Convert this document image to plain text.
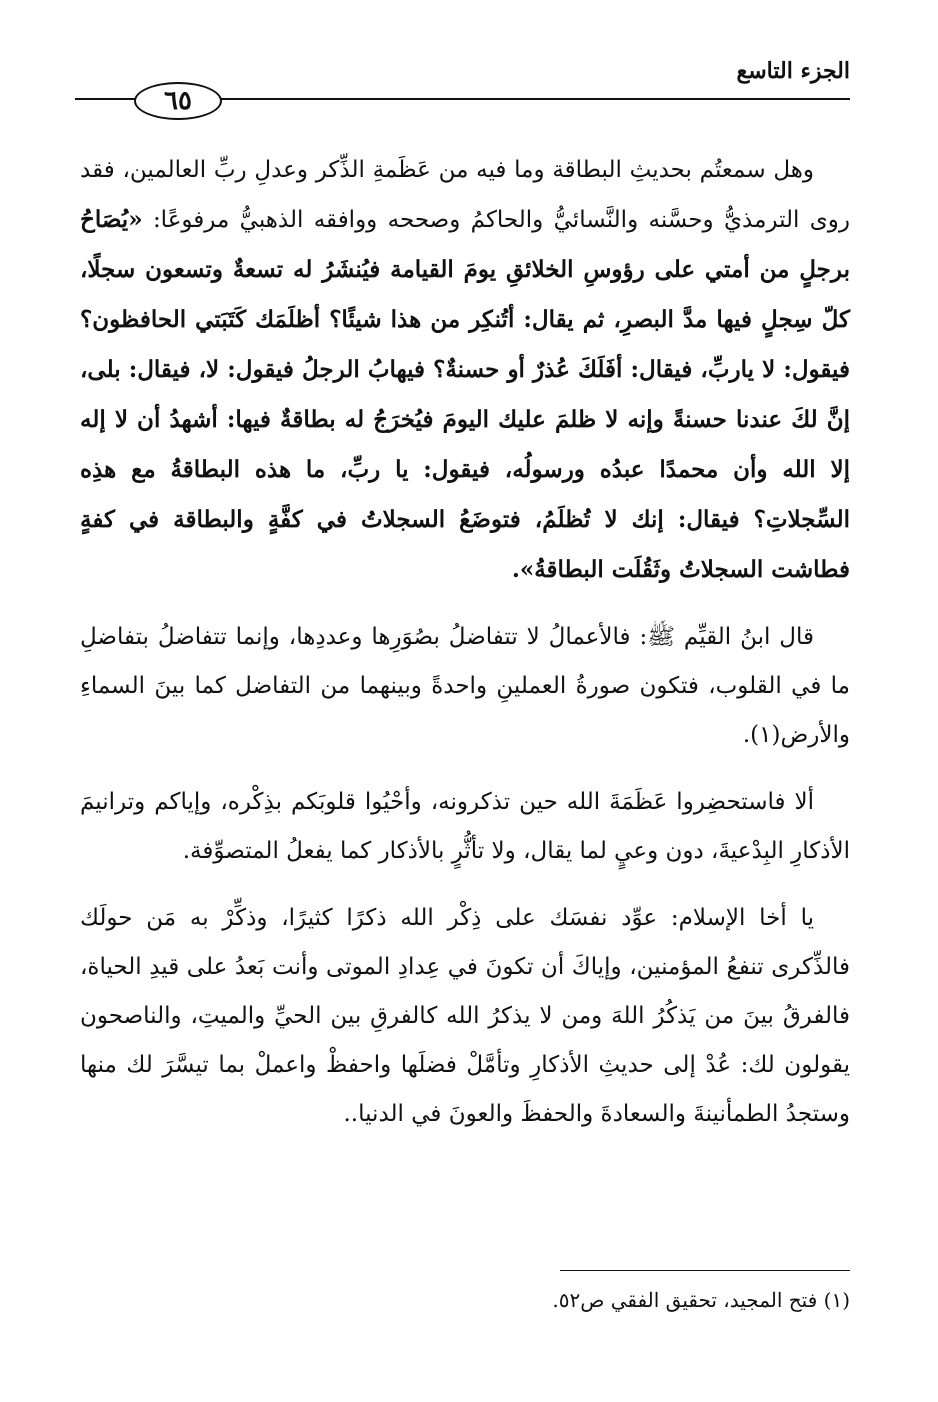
الجزء التاسع
٦٥

وهل سمعتُم بحديثِ البطاقة وما فيه من عَظَمةِ الذِّكر وعدلِ ربِّ العالمين، فقد روى الترمذيُّ وحسَّنه والنَّسائيُّ والحاكمُ وصححه ووافقه الذهبيُّ مرفوعًا: «يُصَاحُ برجلٍ من أمتي على رؤوسِ الخلائقِ يومَ القيامة فيُنشَرُ له تسعةٌ وتسعون سجلًا، كلّ سِجلٍ فيها مدَّ البصرِ، ثم يقال: أتُنكِر من هذا شيئًا؟ أظلَمَك كَتَبَتي الحافظون؟ فيقول: لا ياربِّ، فيقال: أفَلَكَ عُذرٌ أو حسنةٌ؟ فيهابُ الرجلُ فيقول: لا، فيقال: بلى، إنَّ لكَ عندنا حسنةً وإنه لا ظلمَ عليك اليومَ فيُخرَجُ له بطاقةٌ فيها: أشهدُ أن لا إله إلا الله وأن محمدًا عبدُه ورسولُه، فيقول: يا ربِّ، ما هذه البطاقةُ مع هذِه السِّجلاتِ؟ فيقال: إنك لا تُظلَمُ، فتوضَعُ السجلاتُ في كفَّةٍ والبطاقة في كفةٍ فطاشت السجلاتُ وثَقُلَت البطاقةُ».

قال ابنُ القيِّم ﷺ: فالأعمالُ لا تتفاضلُ بصُوَرِها وعددِها، وإنما تتفاضلُ بتفاضلِ ما في القلوب، فتكون صورةُ العملينِ واحدةً وبينهما من التفاضل كما بينَ السماءِ والأرض(١).

ألا فاستحضِروا عَظَمَةَ الله حين تذكرونه، وأحْيُوا قلوبَكم بذِكْره، وإياكم وترانيمَ الأذكارِ البِدْعيةَ، دون وعيٍ لما يقال، ولا تأثُّرٍ بالأذكار كما يفعلُ المتصوِّفة.

يا أخا الإسلام: عوِّد نفسَك على ذِكْر الله ذكرًا كثيرًا، وذكِّرْ به مَن حولَك فالذِّكرى تنفعُ المؤمنين، وإياكَ أن تكونَ في عِدادِ الموتى وأنت بَعدُ على قيدِ الحياة، فالفرقُ بينَ من يَذكُرُ اللهَ ومن لا يذكرُ الله كالفرقِ بين الحيِّ والميتِ، والناصحون يقولون لك: عُدْ إلى حديثِ الأذكارِ وتأمَّلْ فضلَها واحفظْ واعملْ بما تيسَّرَ لك منها وستجدُ الطمأنينةَ والسعادةَ والحفظَ والعونَ في الدنيا..

(١) فتح المجيد، تحقيق الفقي ص٥٢.
